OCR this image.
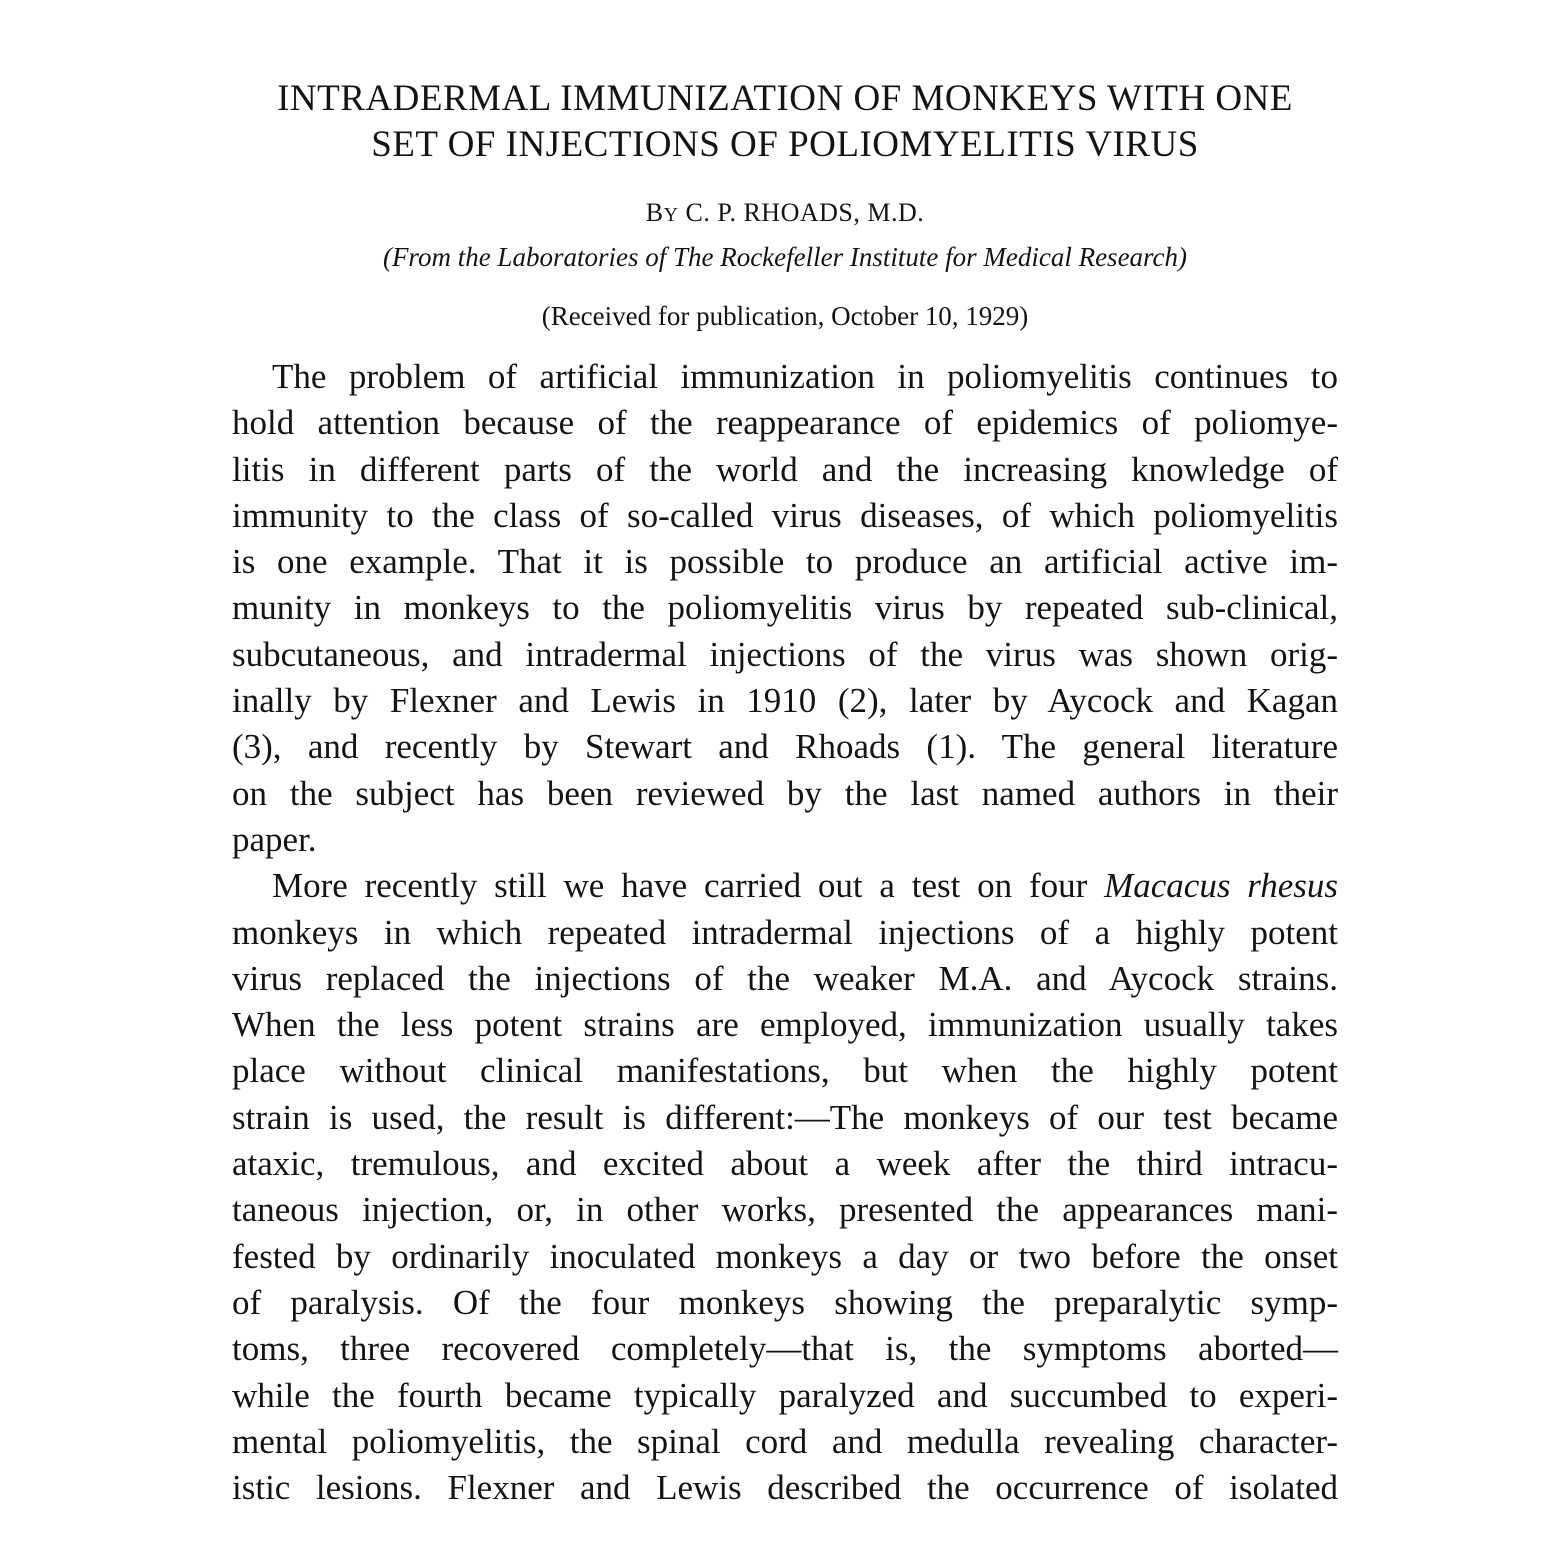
INTRADERMAL IMMUNIZATION OF MONKEYS WITH ONE
SET OF INJECTIONS OF POLIOMYELITIS VIRUS
BY C. P. RHOADS, M.D.
(From the Laboratories of The Rockefeller Institute for Medical Research)
(Received for publication, October 10, 1929)
The problem of artificial immunization in poliomyelitis continues to
hold attention because of the reappearance of epidemics of poliomye-
litis in different parts of the world and the increasing knowledge of
immunity to the class of so-called virus diseases, of which poliomyelitis
is one example. That it is possible to produce an artificial active im-
munity in monkeys to the poliomyelitis virus by repeated sub-clinical,
subcutaneous, and intradermal injections of the virus was shown orig-
inally by Flexner and Lewis in 1910 (2), later by Aycock and Kagan
(3), and recently by Stewart and Rhoads (1). The general literature
on the subject has been reviewed by the last named authors in their
paper.
More recently still we have carried out a test on four Macacus rhesus
monkeys in which repeated intradermal injections of a highly potent
virus replaced the injections of the weaker M.A. and Aycock strains.
When the less potent strains are employed, immunization usually takes
place without clinical manifestations, but when the highly potent
strain is used, the result is different:—The monkeys of our test became
ataxic, tremulous, and excited about a week after the third intracu-
taneous injection, or, in other works, presented the appearances mani-
fested by ordinarily inoculated monkeys a day or two before the onset
of paralysis. Of the four monkeys showing the preparalytic symp-
toms, three recovered completely—that is, the symptoms aborted—
while the fourth became typically paralyzed and succumbed to experi-
mental poliomyelitis, the spinal cord and medulla revealing character-
istic lesions. Flexner and Lewis described the occurrence of isolated
